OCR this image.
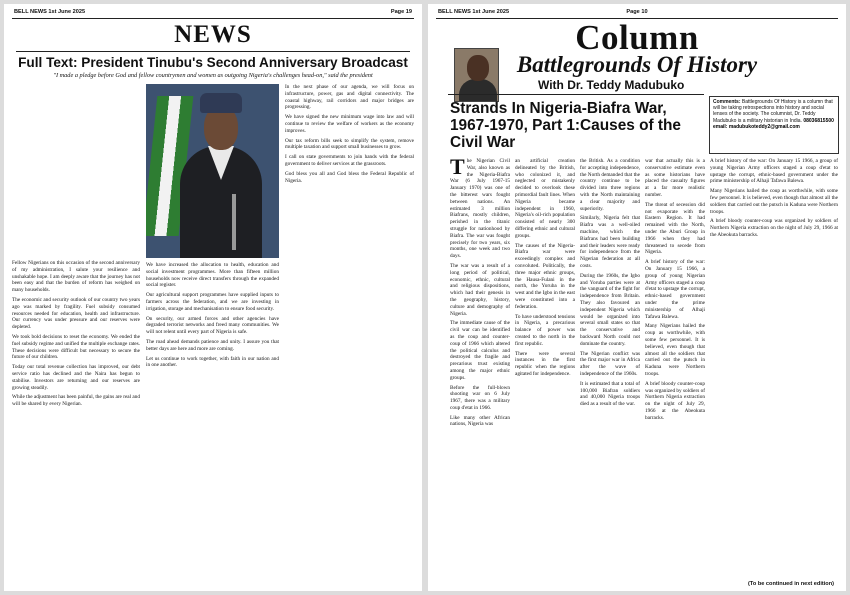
BELL NEWS 1st June 2025	Page 19
NEWS
Full Text: President Tinubu's Second Anniversary Broadcast
"I made a pledge before God and fellow countrymen and women as outgoing Nigeria's challenges head-on," said the president

Fellow Nigerians on this occasion of the second anniversary of my administration, I salute your resilience and unshakable hope. I am deeply aware that the journey has not been easy and that the burden of reform has weighed on many households.

The economic and security outlook of our country two years ago was marked by fragility. Fuel subsidy consumed resources needed for education, health and infrastructure. Our currency was under pressure and our reserves were depleted.

We took bold decisions to reset the economy. We ended the fuel subsidy regime and unified the multiple exchange rates. These decisions were difficult but necessary to secure the future of our children.

Today our total revenue collection has improved, our debt service ratio has declined and the Naira has begun to stabilise. Investors are returning and our reserves are growing steadily.

While the adjustment has been painful, the gains are real and will be shared by every Nigerian.

We have increased the allocation to health, education and social investment programmes. More than fifteen million households now receive direct transfers through the expanded social register.

Our agricultural support programmes have supplied inputs to farmers across the federation, and we are investing in irrigation, storage and mechanisation to ensure food security.

On security, our armed forces and other agencies have degraded terrorist networks and freed many communities. We will not relent until every part of Nigeria is safe.

The road ahead demands patience and unity. I assure you that better days are here and more are coming.

Let us continue to work together, with faith in our nation and in one another.

In the next phase of our agenda, we will focus on infrastructure, power, gas and digital connectivity. The coastal highway, rail corridors and major bridges are progressing.

We have signed the new minimum wage into law and will continue to review the welfare of workers as the economy improves.

Our tax reform bills seek to simplify the system, remove multiple taxation and support small businesses to grow.

I call on state governments to join hands with the federal government to deliver services at the grassroots.

God bless you all and God bless the Federal Republic of Nigeria.

BELL NEWS 1st June 2025	Page 10
Column
Battlegrounds Of History
With Dr. Teddy Madubuko
Comments: Battlegrounds Of History is a column that will be taking retrospections into history and social lenses of the society. The columnist, Dr. Teddy Madubuko is a military historian in India. 08036815500 email: madubukoteddy2@gmail.com
Strands In Nigeria-Biafra War, 1967-1970, Part 1:Causes of the Civil War

The Nigerian Civil War, also known as the Nigeria-Biafra War (6 July 1967-15 January 1970) was one of the bitterest wars fought between nations. An estimated 3 million Biafrans, mostly children, perished in the titanic struggle for nationhood by Biafra. The war was fought precisely for two years, six months, one week and two days.

The war was a result of a long period of political, economic, ethnic, cultural and religious dispositions, which had their genesis in the geography, history, culture and demography of Nigeria.

The immediate cause of the civil war can be identified as the coup and counter-coup of 1966 which altered the political calculus and destroyed the fragile and precarious trust existing among the major ethnic groups.

Before the full-blown shooting war on 6 July 1967, there was a military coup d'etat in 1966.

Like many other African nations, Nigeria was

an artificial creation delineated by the British, who colonized it, and neglected or mistakenly decided to overlook these primordial fault lines. When Nigeria became independent in 1960, Nigeria's oil-rich population consisted of nearly 300 differing ethnic and cultural groups.

The causes of the Nigeria-Biafra war were exceedingly complex and convoluted. Politically, the three major ethnic groups, the Hausa-Fulani in the north, the Yoruba in the west and the Igbo in the east were constituted into a federation.

To have understood tensions in Nigeria, a precarious balance of power was created to the north in the first republic.

There were several instances in the first republic when the regions agitated for independence.

the British. As a condition for accepting independence, the North demanded that the country continue to be divided into three regions with the North maintaining a clear majority and superiority.

Similarly, Nigeria felt that Biafra was a well-oiled machine, which the Biafrans had been building and their leaders were ready for independence from the Nigerian federation at all costs.

During the 1960s, the Igbo and Yoruba parties were at the vanguard of the fight for independence from Britain. They also favoured an independent Nigeria which would be organized into several small states so that the conservative and backward North could not dominate the country.

The Nigerian conflict was the first major war in Africa after the wave of independence of the 1960s.

It is estimated that a total of 100,000 Biafran soldiers and 40,000 Nigeria troops died as a result of the war.

war that actually this is a conservative estimate even as some historians have placed the casualty figures at a far more realistic number.

The threat of secession did not evaporate with the Eastern Region. It had remained with the North, under the Aburi Group in 1966 when they had threatened to secede from Nigeria.

A brief history of the war: On January 15 1966, a group of young Nigerian Army officers staged a coup d'etat to upstage the corrupt, ethnic-based government under the prime ministership of Alhaji Tafawa Balewa.

Many Nigerians hailed the coup as worthwhile, with some few personnel. It is believed, even though that almost all the soldiers that carried out the putsch in Kaduna were Northern troops.

A brief bloody counter-coup was organized by soldiers of Northern Nigeria extraction on the night of July 29, 1966 at the Abeokuta barracks.

A brief history of the war: On January 15 1966, a group of young Nigerian Army officers staged a coup d'etat to upstage the corrupt, ethnic-based government under the prime ministership of Alhaji Tafawa Balewa.

Many Nigerians hailed the coup as worthwhile, with some few personnel. It is believed, even though that almost all the soldiers that carried out the putsch in Kaduna were Northern troops.

A brief bloody counter-coup was organized by soldiers of Northern Nigeria extraction on the night of July 29, 1966 at the Abeokuta barracks.

(To be continued in next edition)
